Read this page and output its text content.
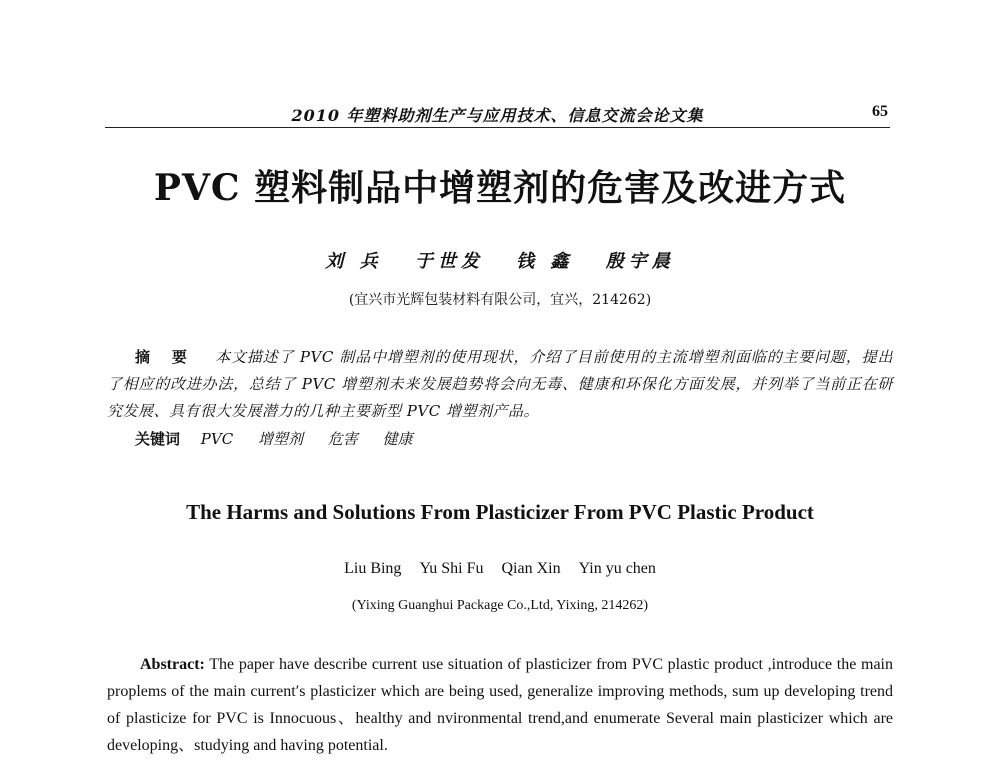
2010 年塑料助剂生产与应用技术、信息交流会论文集	65
PVC 塑料制品中增塑剂的危害及改进方式
刘 兵 于世发 钱 鑫 殷宇晨
(宜兴市光辉包装材料有限公司，宜兴，214262)
摘 要 本文描述了 PVC 制品中增塑剂的使用现状，介绍了目前使用的主流增塑剂面临的主要问题，提出了相应的改进办法，总结了 PVC 增塑剂未来发展趋势将会向无毒、健康和环保化方面发展，并列举了当前正在研究发展、具有很大发展潜力的几种主要新型 PVC 增塑剂产品。
关键词 PVC 增塑剂 危害 健康
The Harms and Solutions From Plasticizer From PVC Plastic Product
Liu Bing Yu Shi Fu Qian Xin Yin yu chen
(Yixing Guanghui Package Co.,Ltd, Yixing, 214262)
Abstract: The paper have describe current use situation of plasticizer from PVC plastic product ,introduce the main proplems of the main current′s plasticizer which are being used, generalize improving methods, sum up developing trend of plasticize for PVC is Innocuous、healthy and nvironmental trend,and enumerate Several main plasticizer which are developing、studying and having potential.
